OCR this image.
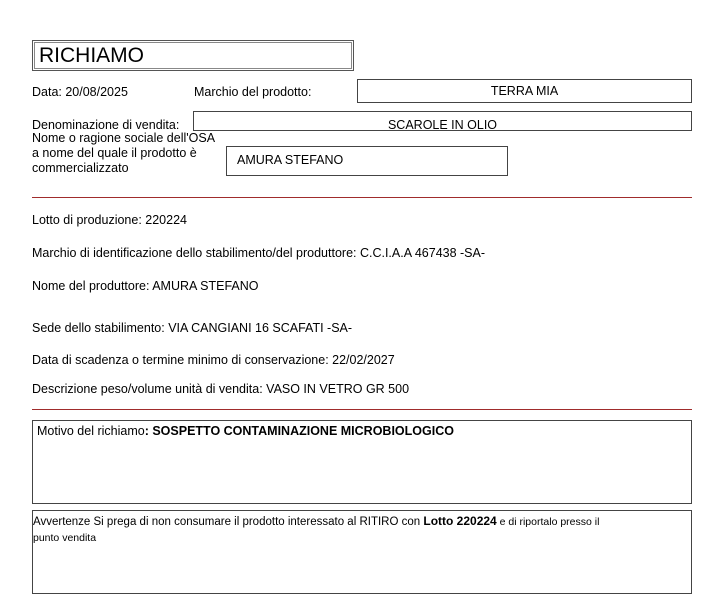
RICHIAMO
Data: 20/08/2025	Marchio del prodotto:	TERRA MIA
Denominazione di vendita:	SCAROLE IN OLIO
Nome o ragione sociale dell'OSA
a nome del quale il prodotto è
commercializzato
AMURA STEFANO
Lotto di produzione: 220224
Marchio di identificazione dello stabilimento/del produttore: C.C.I.A.A 467438 -SA-
Nome del produttore: AMURA STEFANO
Sede dello stabilimento: VIA CANGIANI 16 SCAFATI -SA-
Data di scadenza o termine minimo di conservazione: 22/02/2027
Descrizione peso/volume unità di vendita: VASO IN VETRO GR 500
Motivo del richiamo: SOSPETTO CONTAMINAZIONE MICROBIOLOGICO
Avvertenze Si prega di non consumare il prodotto interessato al RITIRO con Lotto 220224 e di riportalo presso il
punto vendita
